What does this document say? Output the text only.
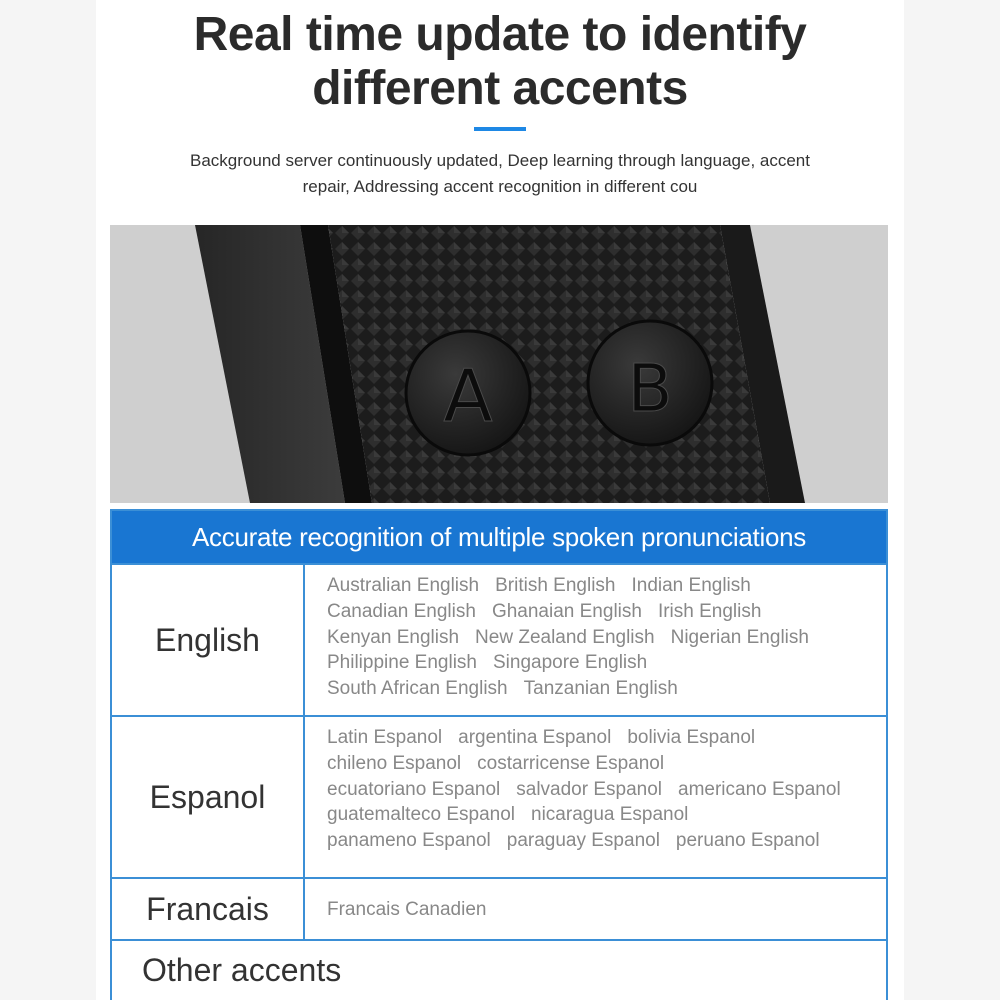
Real time update to identify
different accents

Background server continuously updated, Deep learning through language, accent
repair, Addressing accent recognition in different cou

A B
Accurate recognition of multiple spoken pronunciations
English
Australian English British English Indian English
Canadian English Ghanaian English Irish English
Kenyan English New Zealand English Nigerian English
Philippine English Singapore English
South African English Tanzanian English
Espanol
Latin Espanol argentina Espanol bolivia Espanol
chileno Espanol costarricense Espanol
ecuatoriano Espanol salvador Espanol americano Espanol
guatemalteco Espanol nicaragua Espanol
panameno Espanol paraguay Espanol peruano Espanol
Francais	Francais Canadien
Other accents
